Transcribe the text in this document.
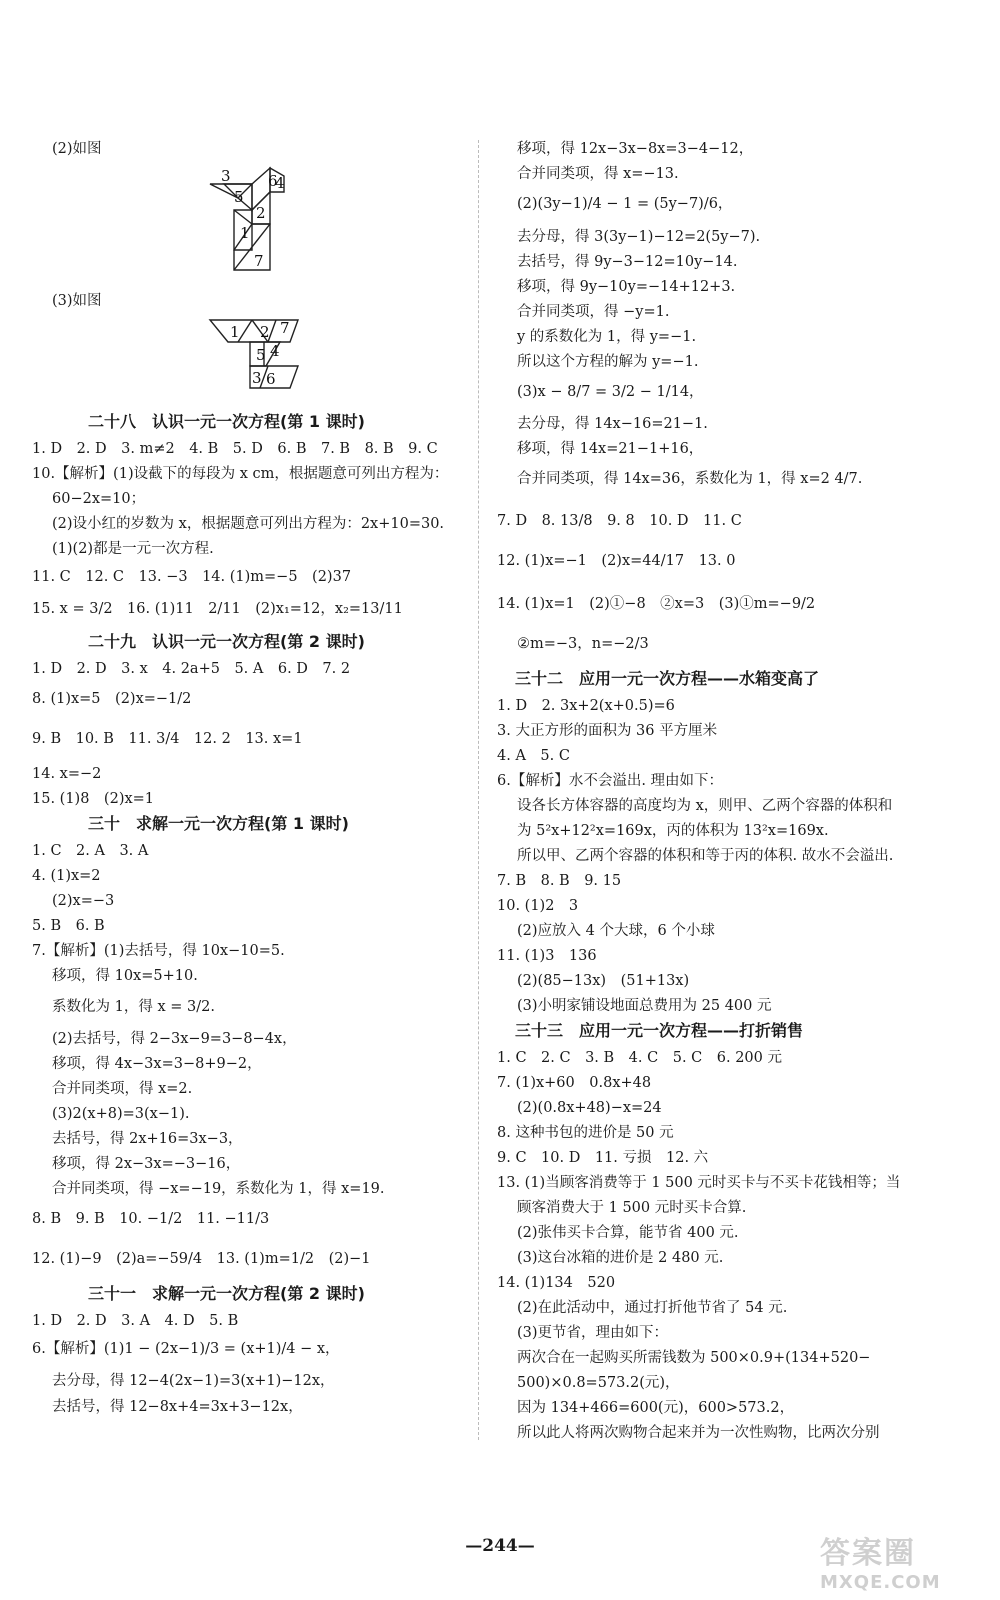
(2)如图
3
5
6
4
2
1
7
(3)如图
1 2 7
5 4
3 6
二十八　认识一元一次方程(第 1 课时)
1. D　2. D　3. m≠2　4. B　5. D　6. B　7. B　8. B　9. C
10.【解析】(1)设截下的每段为 x cm，根据题意可列出方程为：
60−2x=10；
(2)设小红的岁数为 x，根据题意可列出方程为：2x+10=30.
(1)(2)都是一元一次方程.
11. C　12. C　13. −3　14. (1)m=−5　(2)37
15. x = 3/2　16. (1)11　2/11　(2)x₁=12，x₂=13/11
二十九　认识一元一次方程(第 2 课时)
1. D　2. D　3. x　4. 2a+5　5. A　6. D　7. 2
8. (1)x=5　(2)x=−1/2
9. B　10. B　11. 3/4　12. 2　13. x=1
14. x=−2
15. (1)8　(2)x=1
三十　求解一元一次方程(第 1 课时)
1. C　2. A　3. A
4. (1)x=2
(2)x=−3
5. B　6. B
7.【解析】(1)去括号，得 10x−10=5.
移项，得 10x=5+10.
系数化为 1，得 x = 3/2.
(2)去括号，得 2−3x−9=3−8−4x，
移项，得 4x−3x=3−8+9−2，
合并同类项，得 x=2.
(3)2(x+8)=3(x−1).
去括号，得 2x+16=3x−3，
移项，得 2x−3x=−3−16，
合并同类项，得 −x=−19，系数化为 1，得 x=19.
8. B　9. B　10. −1/2　11. −11/3
12. (1)−9　(2)a=−59/4　13. (1)m=1/2　(2)−1
三十一　求解一元一次方程(第 2 课时)
1. D　2. D　3. A　4. D　5. B
6.【解析】(1)1 − (2x−1)/3 = (x+1)/4 − x，
去分母，得 12−4(2x−1)=3(x+1)−12x，
去括号，得 12−8x+4=3x+3−12x，
移项，得 12x−3x−8x=3−4−12，
合并同类项，得 x=−13.
(2)(3y−1)/4 − 1 = (5y−7)/6，
去分母，得 3(3y−1)−12=2(5y−7).
去括号，得 9y−3−12=10y−14.
移项，得 9y−10y=−14+12+3.
合并同类项，得 −y=1.
y 的系数化为 1，得 y=−1.
所以这个方程的解为 y=−1.
(3)x − 8/7 = 3/2 − 1/14，
去分母，得 14x−16=21−1.
移项，得 14x=21−1+16，
合并同类项，得 14x=36，系数化为 1，得 x=2 4/7.
7. D　8. 13/8　9. 8　10. D　11. C
12. (1)x=−1　(2)x=44/17　13. 0
14. (1)x=1　(2)①−8　②x=3　(3)①m=−9/2
②m=−3，n=−2/3
三十二　应用一元一次方程——水箱变高了
1. D　2. 3x+2(x+0.5)=6
3. 大正方形的面积为 36 平方厘米
4. A　5. C
6.【解析】水不会溢出. 理由如下：
设各长方体容器的高度均为 x，则甲、乙两个容器的体积和
为 5²x+12²x=169x，丙的体积为 13²x=169x.
所以甲、乙两个容器的体积和等于丙的体积. 故水不会溢出.
7. B　8. B　9. 15
10. (1)2　3
(2)应放入 4 个大球，6 个小球
11. (1)3　136
(2)(85−13x)　(51+13x)
(3)小明家铺设地面总费用为 25 400 元
三十三　应用一元一次方程——打折销售
1. C　2. C　3. B　4. C　5. C　6. 200 元
7. (1)x+60　0.8x+48
(2)(0.8x+48)−x=24
8. 这种书包的进价是 50 元
9. C　10. D　11. 亏损　12. 六
13. (1)当顾客消费等于 1 500 元时买卡与不买卡花钱相等；当
顾客消费大于 1 500 元时买卡合算.
(2)张伟买卡合算，能节省 400 元.
(3)这台冰箱的进价是 2 480 元.
14. (1)134　520
(2)在此活动中，通过打折他节省了 54 元.
(3)更节省，理由如下：
两次合在一起购买所需钱数为 500×0.9+(134+520−
500)×0.8=573.2(元)，
因为 134+466=600(元)，600>573.2，
所以此人将两次购物合起来并为一次性购物，比两次分别
—244—	答案圈
MXQE.COM
